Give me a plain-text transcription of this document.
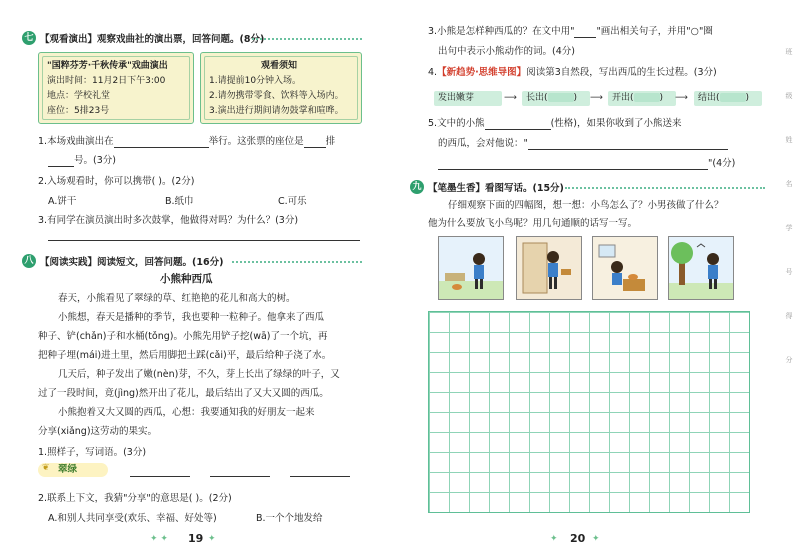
七 【观看演出】观察戏曲社的演出票，回答问题。(8分)
"国粹芬芳·千秋传承"戏曲演出
演出时间：11月2日下午3:00
地点：学校礼堂
座位：5排23号
观看须知
1.请提前10分钟入场。
2.请勿携带零食、饮料等入场内。
3.演出进行期间请勿鼓掌和喧哗。
1.本场戏曲演出在	举行。这张票的座位是 排
号。(3分)
2.入场观看时，你可以携带( )。(2分)
A.饼干	B.纸巾	C.可乐
3.有同学在演员演出时多次鼓掌，他做得对吗？为什么？(3分)
八 【阅读实践】阅读短文，回答问题。(16分)
小熊种西瓜
春天，小熊看见了翠绿的草、红艳艳的花儿和高大的树。
小熊想，春天是播种的季节，我也要种一粒种子。他拿来了西瓜
种子、铲(chǎn)子和水桶(tǒng)。小熊先用铲子挖(wā)了一个坑，再
把种子埋(mái)进土里，然后用脚把土踩(cǎi)平，最后给种子浇了水。
几天后，种子发出了嫩(nèn)芽，不久，芽上长出了绿绿的叶子，又
过了一段时间，竟(jìng)然开出了花儿，最后结出了又大又圆的西瓜。
小熊抱着又大又圆的西瓜，心想：我要通知我的好朋友一起来
分享(xiǎng)这劳动的果实。
1.照样子，写词语。(3分)
❦ 翠绿
2.联系上下文，我猜"分享"的意思是( )。(2分)
A.和别人共同享受(欢乐、幸福、好处等)	B.一个个地发给
✦ ✦ 19 ✦
3.小熊是怎样种西瓜的？在文中用" "画出相关句子，并用"○"圈
出句中表示小熊动作的词。(4分)
4.【新趋势·思维导图】阅读第3自然段，写出西瓜的生长过程。(3分)
发出嫩芽	⟶	长出(	)	⟶	开出(	)	⟶	结出(	)
5.文中的小熊	(性格)，如果你收到了小熊送来
的西瓜，会对他说："
"(4分)
九 【笔墨生香】看图写话。(15分)
仔细观察下面的四幅图，想一想：小鸟怎么了？小男孩做了什么？
他为什么要放飞小鸟呢？用几句通顺的话写一写。
班
级
姓
名
学
号
得
分
✦ 20 ✦
